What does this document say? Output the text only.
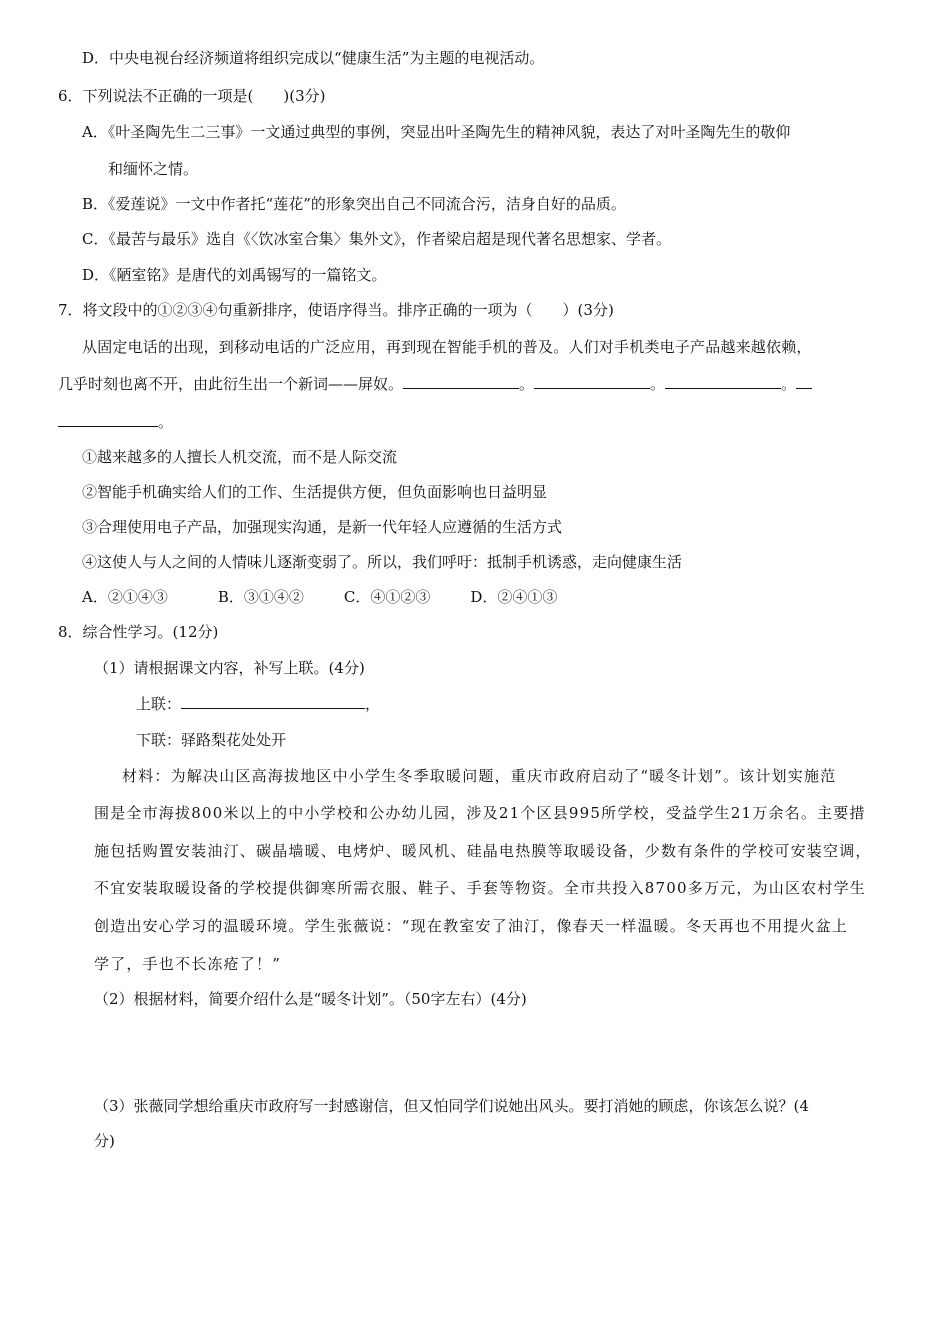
D．中央电视台经济频道将组织完成以“健康生活”为主题的电视活动。
6．下列说法不正确的一项是(　　)(3分)
A．《叶圣陶先生二三事》一文通过典型的事例，突显出叶圣陶先生的精神风貌，表达了对叶圣陶先生的敬仰
和缅怀之情。
B．《爱莲说》一文中作者托“莲花”的形象突出自己不同流合污，洁身自好的品质。
C．《最苦与最乐》选自《〈饮冰室合集〉集外文》，作者梁启超是现代著名思想家、学者。
D．《陋室铭》是唐代的刘禹锡写的一篇铭文。
7．将文段中的①②③④句重新排序，使语序得当。排序正确的一项为（　　）(3分)
从固定电话的出现，到移动电话的广泛应用，再到现在智能手机的普及。人们对手机类电子产品越来越依赖，
几乎时刻也离不开，由此衍生出一个新词——屏奴。	。	。	。
。
①越来越多的人擅长人机交流，而不是人际交流
②智能手机确实给人们的工作、生活提供方便，但负面影响也日益明显
③合理使用电子产品，加强现实沟通，是新一代年轻人应遵循的生活方式
④这使人与人之间的人情味儿逐渐变弱了。所以，我们呼吁：抵制手机诱惑，走向健康生活
A．②①④③	B．③①④②	C．④①②③	D．②④①③
8．综合性学习。(12分)
（1）请根据课文内容，补写上联。(4分)
上联：	，
下联：驿路梨花处处开
材料：为解决山区高海拔地区中小学生冬季取暖问题，重庆市政府启动了“暖冬计划”。该计划实施范
围是全市海拔800米以上的中小学校和公办幼儿园，涉及21个区县995所学校，受益学生21万余名。主要措
施包括购置安装油汀、碳晶墙暖、电烤炉、暖风机、硅晶电热膜等取暖设备，少数有条件的学校可安装空调，
不宜安装取暖设备的学校提供御寒所需衣服、鞋子、手套等物资。全市共投入8700多万元，为山区农村学生
创造出安心学习的温暖环境。学生张薇说：“现在教室安了油汀，像春天一样温暖。冬天再也不用提火盆上
学了，手也不长冻疮了！”
（2）根据材料，简要介绍什么是“暖冬计划”。（50字左右）(4分)
（3）张薇同学想给重庆市政府写一封感谢信，但又怕同学们说她出风头。要打消她的顾虑，你该怎么说？(4
分)
